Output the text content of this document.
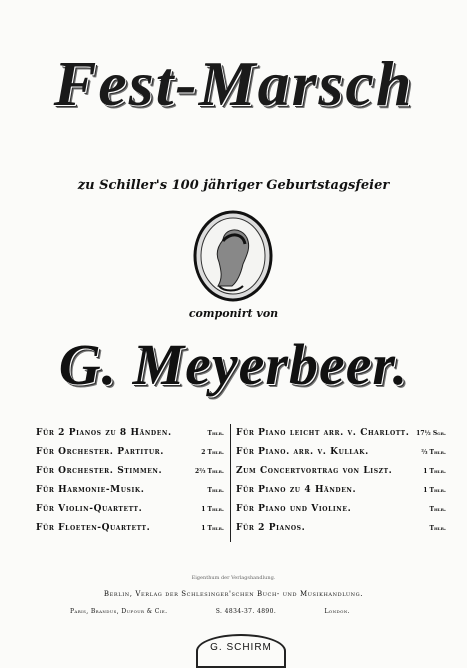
Fest-Marsch
zu Schiller's 100 jähriger Geburtstagsfeier
componirt von
G. Meyerbeer.
Für 2 Pianos zu 8 Händen.	Thlr.
Für Orchester. Partitur.	2 Thlr.
Für Orchester. Stimmen.	2⅔ Thlr.
Für Harmonie-Musik.	Thlr.
Für Violin-Quartett.	1 Thlr.
Für Floeten-Quartett.	1 Thlr.
Für Piano leicht arr. v. Charlott. 17½ Sgr.
Für Piano. arr. v. Kullak.	⅔ Thlr.
Zum Concertvortrag von Liszt.	1 Thlr.
Für Piano zu 4 Händen.	1 Thlr.
Für Piano und Violine.	Thlr.
Für 2 Pianos.	Thlr.
Eigenthum der Verlagshandlung.
Berlin, Verlag der Schlesinger'schen Buch- und Musikhandlung.
Paris, Brandus, Dufour & Cie.	S. 4834-37. 4890.	London.
G. SCHIRM
